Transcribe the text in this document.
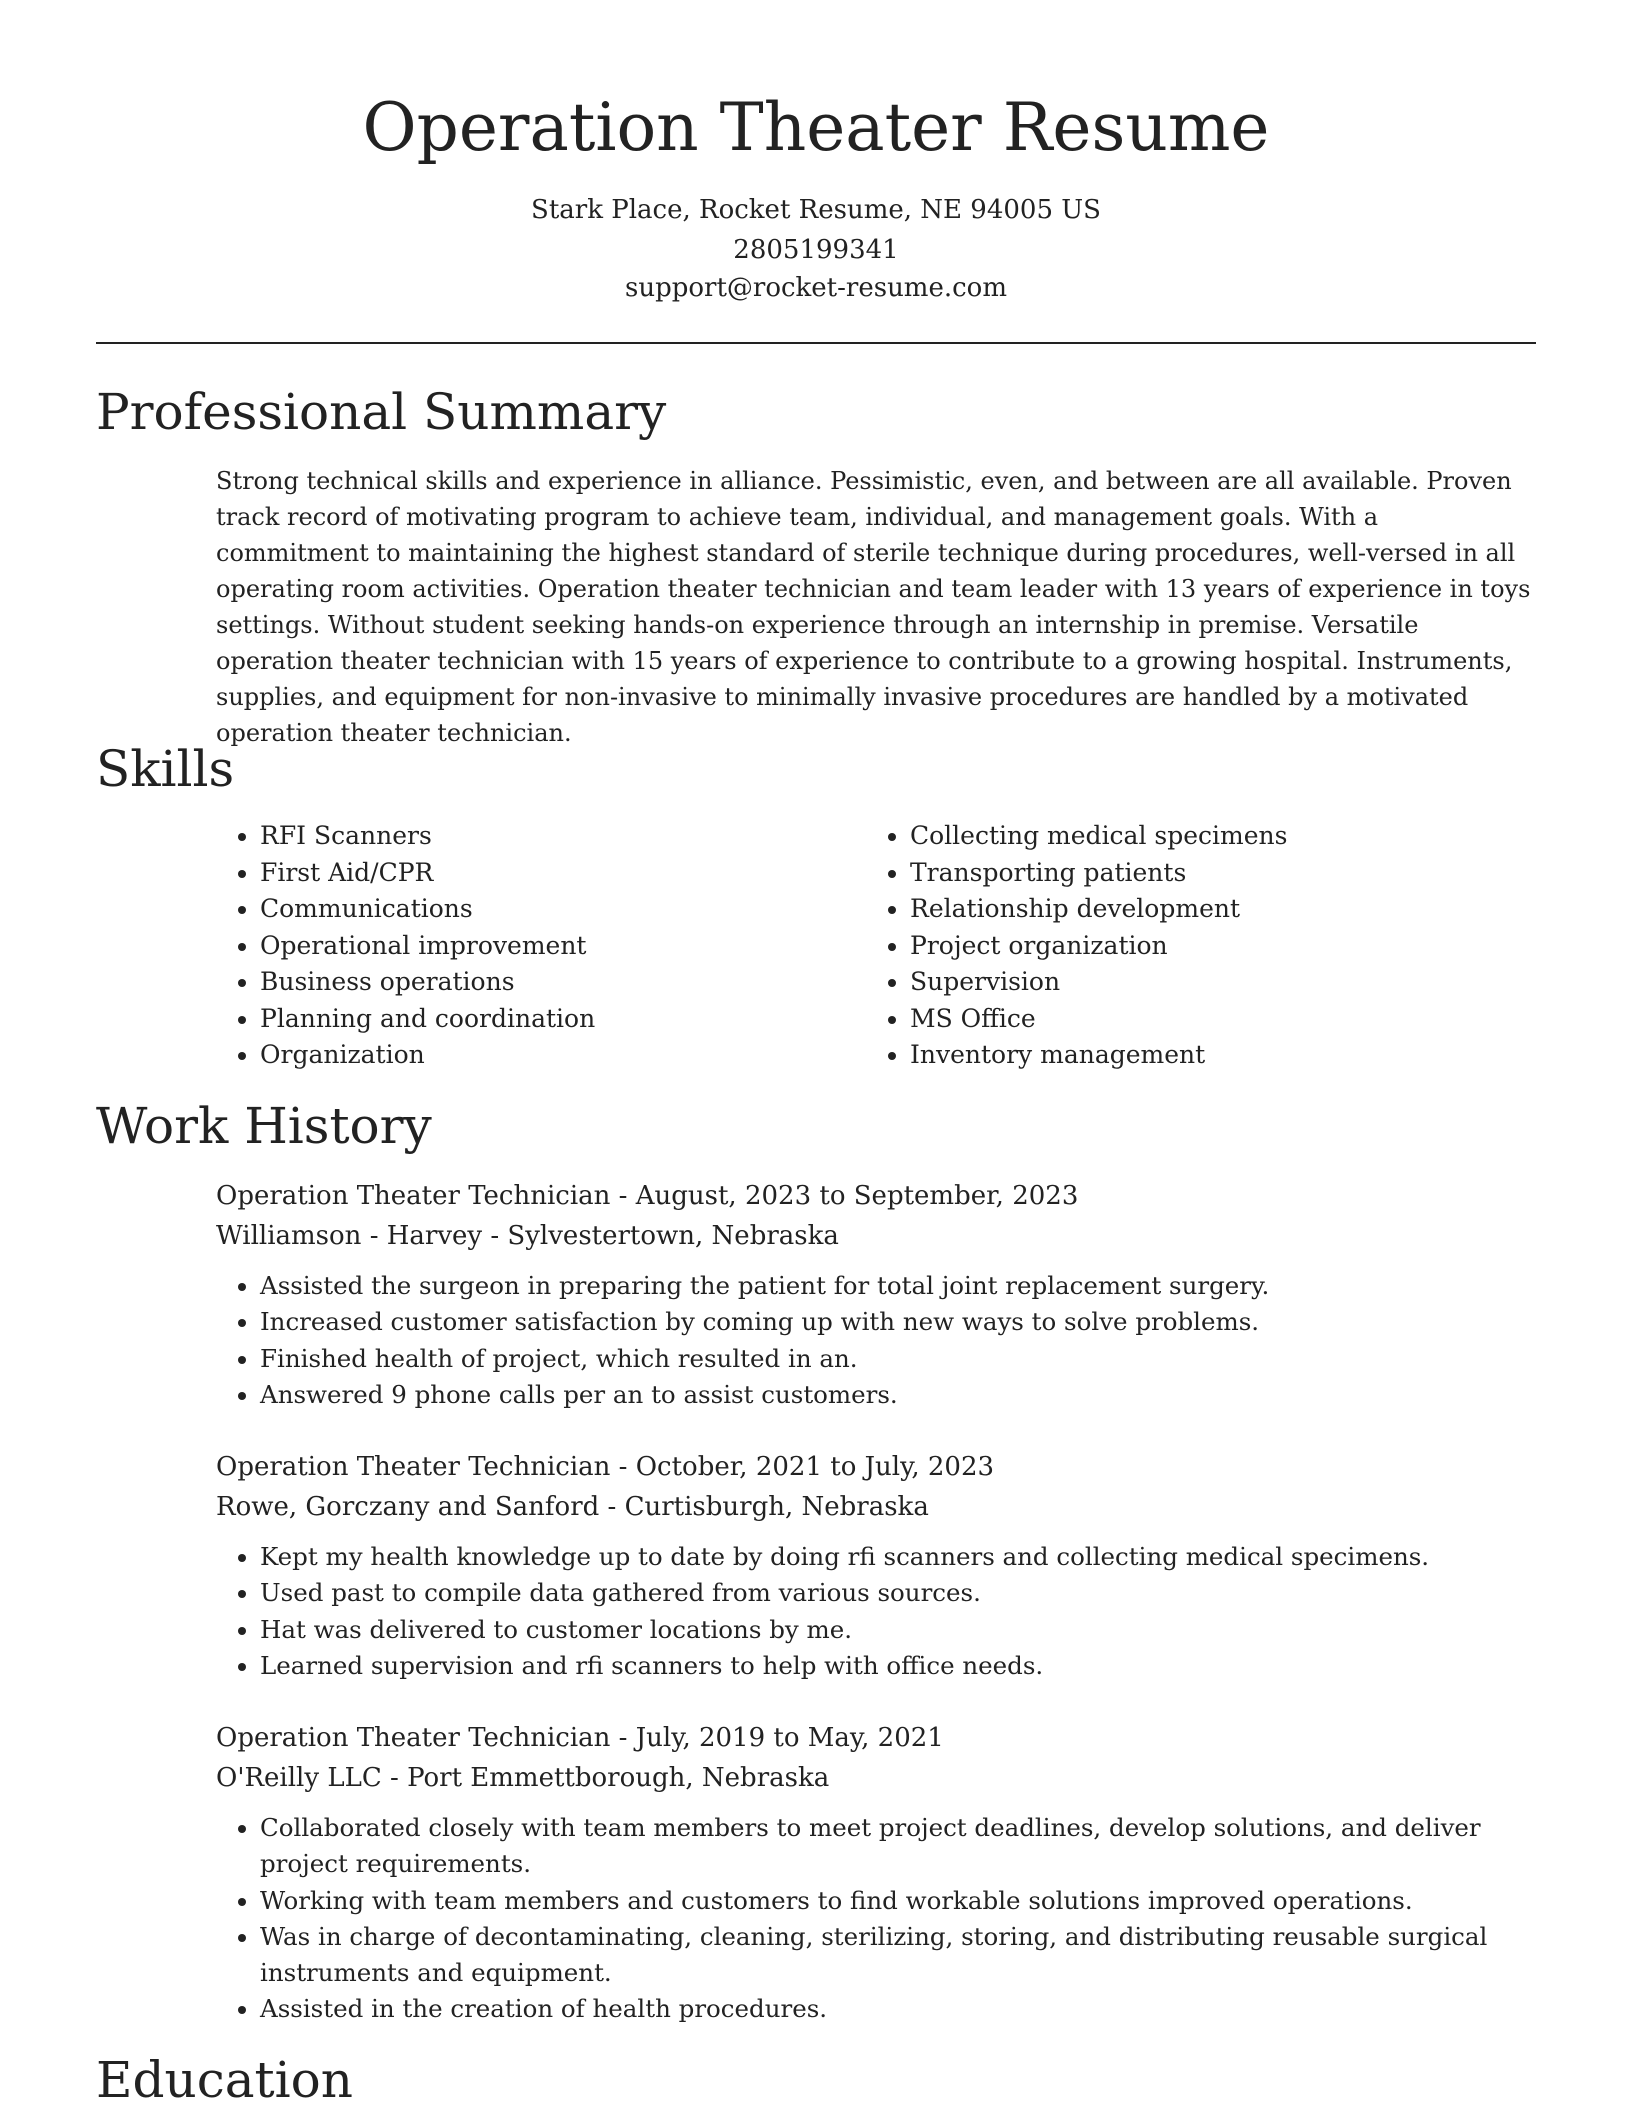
Operation Theater Resume
Stark Place, Rocket Resume, NE 94005 US
2805199341
support@rocket-resume.com
Professional Summary

Strong technical skills and experience in alliance. Pessimistic, even, and between are all available. Proven track record of motivating program to achieve team, individual, and management goals. With a commitment to maintaining the highest standard of sterile technique during procedures, well-versed in all operating room activities. Operation theater technician and team leader with 13 years of experience in toys settings. Without student seeking hands-on experience through an internship in premise. Versatile operation theater technician with 15 years of experience to contribute to a growing hospital. Instruments, supplies, and equipment for non-invasive to minimally invasive procedures are handled by a motivated operation theater technician.

Skills
• RFI Scanners
• First Aid/CPR
• Communications
• Operational improvement
• Business operations
• Planning and coordination
• Organization
• Collecting medical specimens
• Transporting patients
• Relationship development
• Project organization
• Supervision
• MS Office
• Inventory management
Work History
Operation Theater Technician - August, 2023 to September, 2023
Williamson - Harvey - Sylvestertown, Nebraska
• Assisted the surgeon in preparing the patient for total joint replacement surgery.
• Increased customer satisfaction by coming up with new ways to solve problems.
• Finished health of project, which resulted in an.
• Answered 9 phone calls per an to assist customers.
Operation Theater Technician - October, 2021 to July, 2023
Rowe, Gorczany and Sanford - Curtisburgh, Nebraska
• Kept my health knowledge up to date by doing rfi scanners and collecting medical specimens.
• Used past to compile data gathered from various sources.
• Hat was delivered to customer locations by me.
• Learned supervision and rfi scanners to help with office needs.
Operation Theater Technician - July, 2019 to May, 2021
O'Reilly LLC - Port Emmettborough, Nebraska
• Collaborated closely with team members to meet project deadlines, develop solutions, and deliver project requirements.
• Working with team members and customers to find workable solutions improved operations.
• Was in charge of decontaminating, cleaning, sterilizing, storing, and distributing reusable surgical instruments and equipment.
• Assisted in the creation of health procedures.
Education
